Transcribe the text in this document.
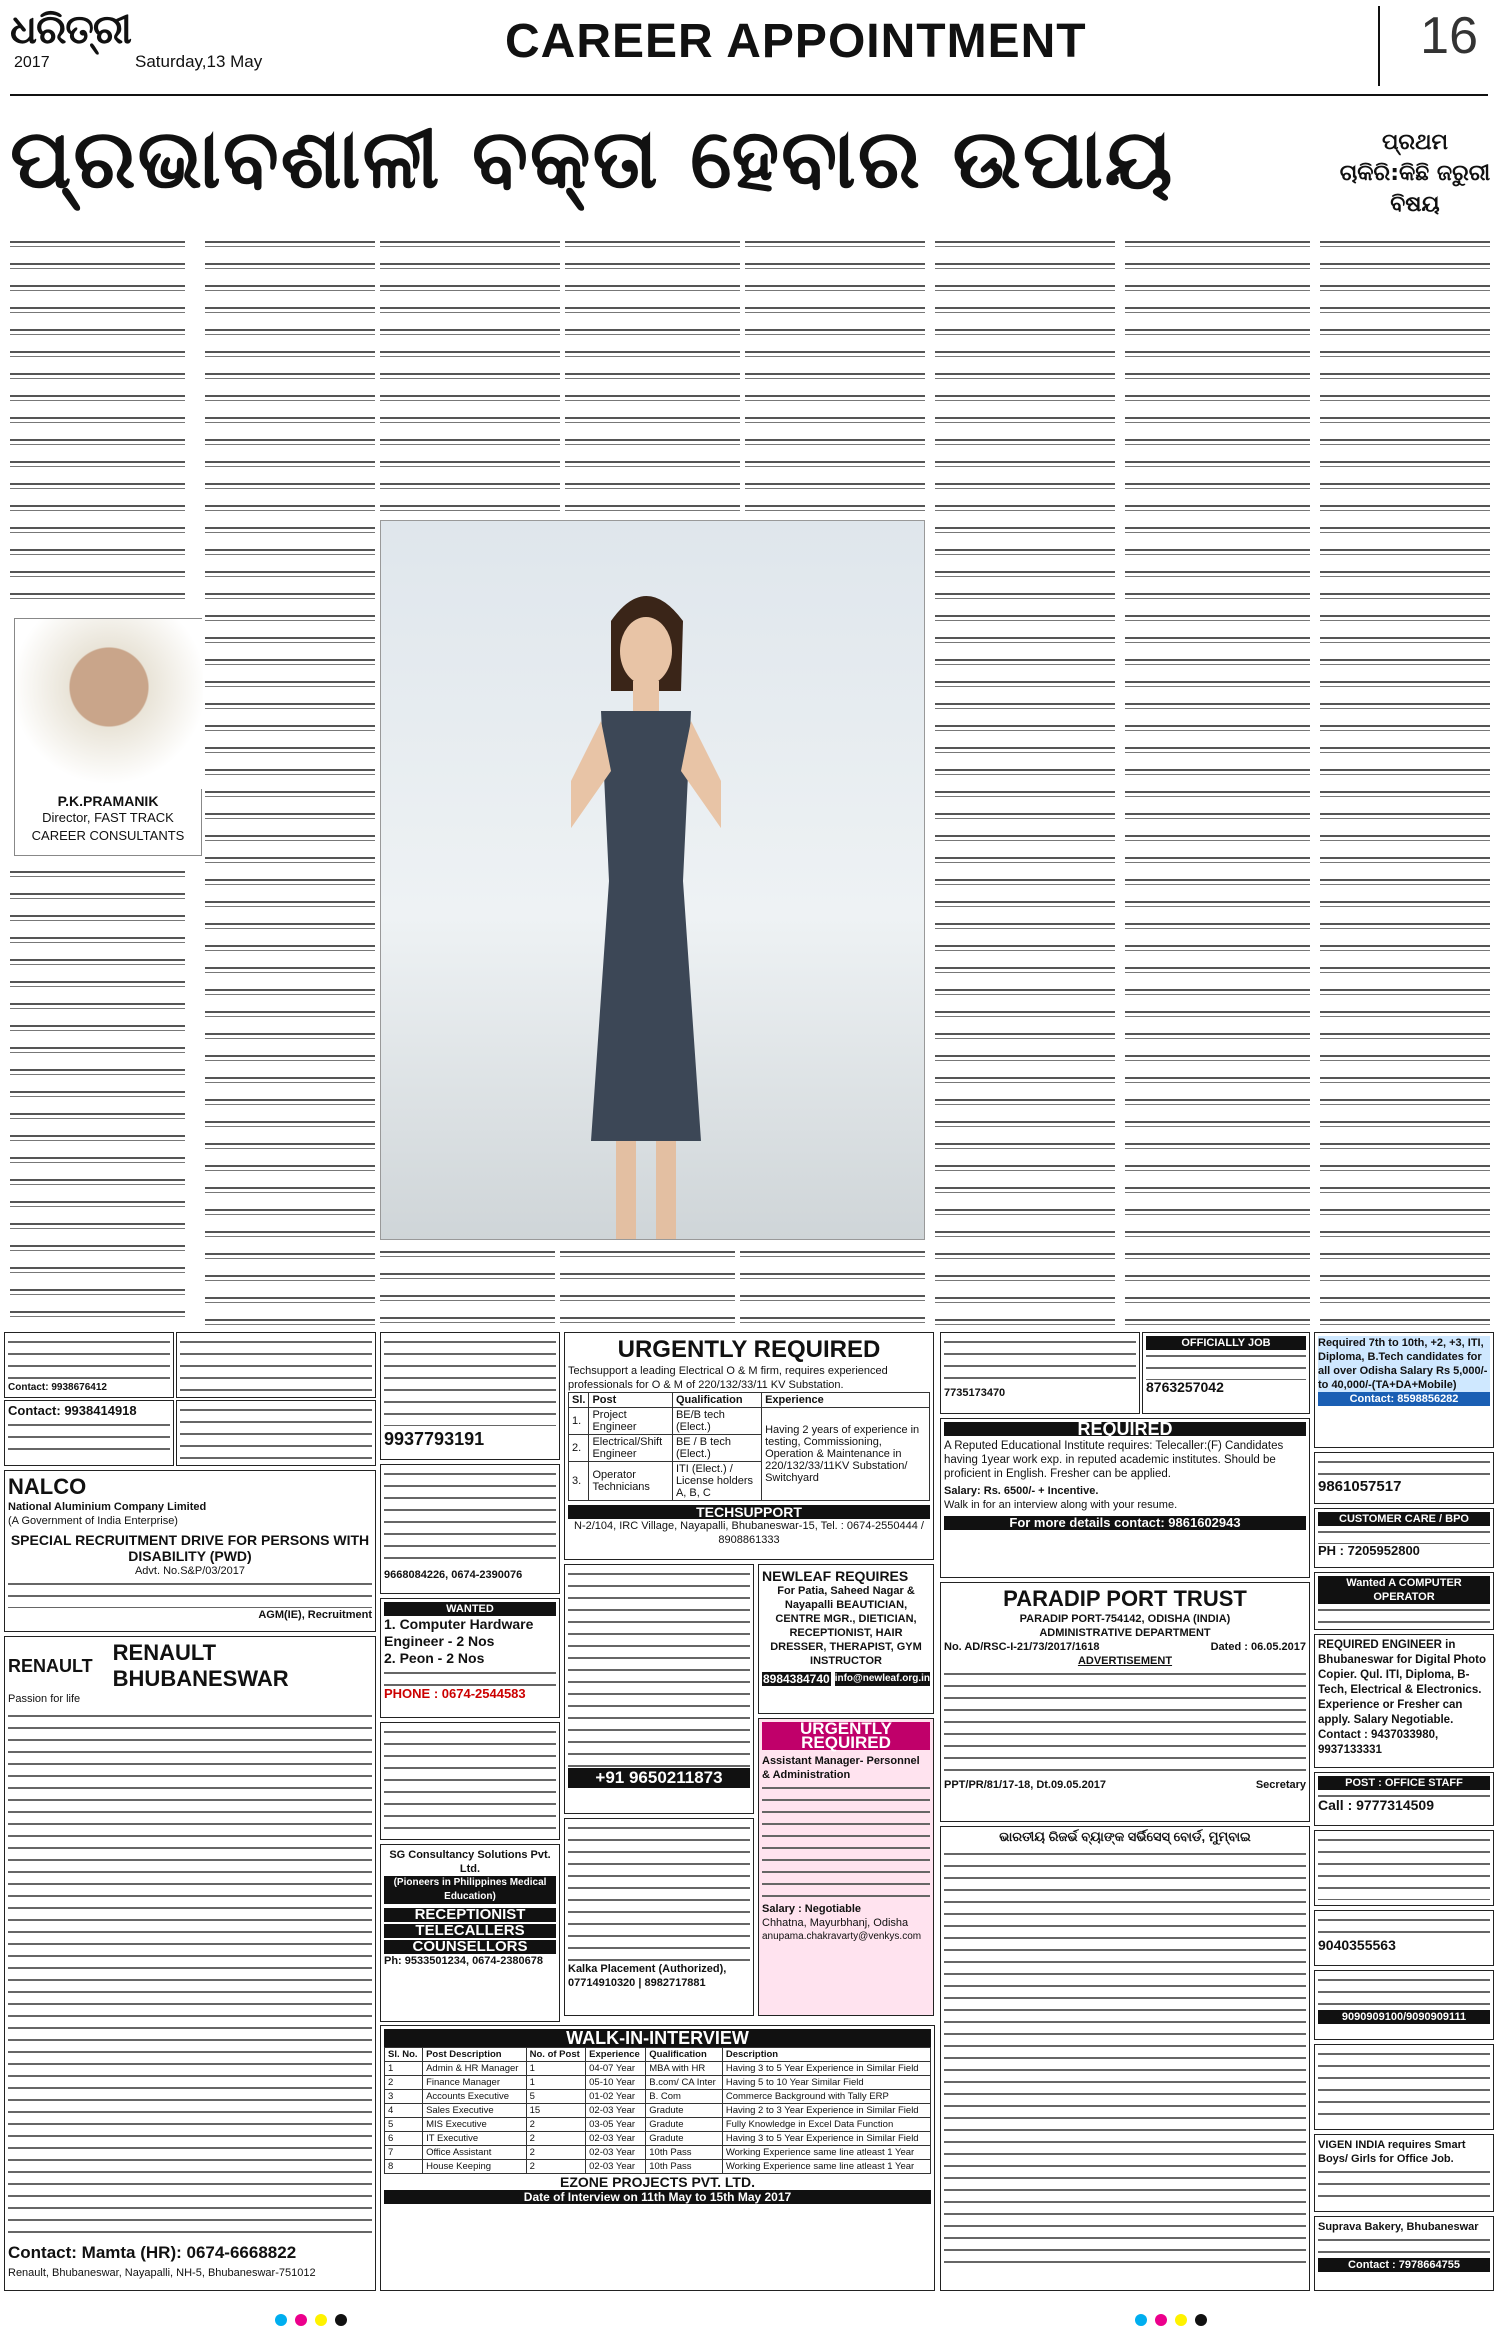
ଧରିତ୍ରୀ
2017	Saturday,13 May	CAREER APPOINTMENT	16
ପ୍ରଭାବଶାଳୀ ବକ୍ତା ହେବାର ଉପାୟ	ପ୍ରଥମ ଚାକିରି:କିଛି ଜରୁରୀ ବିଷୟ
P.K.PRAMANIK
Director, FAST TRACK
CAREER CONSULTANTS
Contact: 9938676412
Contact: 9938414918
NALCO
National Aluminium Company Limited
(A Government of India Enterprise)
SPECIAL RECRUITMENT DRIVE FOR PERSONS WITH DISABILITY (PWD)
Advt. No.S&P/03/2017
AGM(IE), Recruitment
RENAULT
RENAULT BHUBANESWAR
Passion for life
Contact: Mamta (HR): 0674-6668822
Renault, Bhubaneswar, Nayapalli, NH-5, Bhubaneswar-751012
9937793191
9668084226, 0674-2390076
WANTED
1. Computer Hardware Engineer - 2 Nos
2. Peon - 2 Nos
PHONE : 0674-2544583
SG Consultancy Solutions Pvt. Ltd.
(Pioneers in Philippines Medical Education)
RECEPTIONIST
TELECALLERS
COUNSELLORS
Ph: 9533501234, 0674-2380678
URGENTLY REQUIRED
Techsupport a leading Electrical O & M firm, requires experienced professionals for O & M of 220/132/33/11 KV Substation.
Sl.	Post	Qualification	Experience
1.	Project Engineer	BE/B tech (Elect.)	Having 2 years of experience in testing, Commissioning, Operation & Maintenance in 220/132/33/11KV Substation/ Switchyard
2.	Electrical/Shift Engineer	BE / B tech (Elect.)	
3.	Operator Technicians	ITI (Elect.) / License holders A, B, C	
TECHSUPPORT
N-2/104, IRC Village, Nayapalli, Bhubaneswar-15, Tel. : 0674-2550444 / 8908861333
+91 9650211873
NEWLEAF REQUIRES
For Patia, Saheed Nagar & Nayapalli BEAUTICIAN, CENTRE MGR., DIETICIAN, RECEPTIONIST, HAIR DRESSER, THERAPIST, GYM INSTRUCTOR
8984384740 info@newleaf.org.in
Kalka Placement (Authorized), 07714910320 | 8982717881
URGENTLY REQUIRED
Assistant Manager- Personnel & Administration
Salary : Negotiable
Chhatna, Mayurbhanj, Odisha
anupama.chakravarty@venkys.com
WALK-IN-INTERVIEW
Sl. No.	Post Description	No. of Post	Experience	Qualification	Description
1	Admin & HR Manager	1	04-07 Year	MBA with HR	Having 3 to 5 Year Experience in Similar Field
2	Finance Manager	1	05-10 Year	B.com/ CA Inter	Having 5 to 10 Year Similar Field
3	Accounts Executive	5	01-02 Year	B. Com	Commerce Background with Tally ERP
4	Sales Executive	15	02-03 Year	Gradute	Having 2 to 3 Year Experience in Similar Field
5	MIS Executive	2	03-05 Year	Gradute	Fully Knowledge in Excel Data Function
6	IT Executive	2	02-03 Year	Gradute	Having 3 to 5 Year Experience in Similar Field
7	Office Assistant	2	02-03 Year	10th Pass	Working Experience same line atleast 1 Year
8	House Keeping	2	02-03 Year	10th Pass	Working Experience same line atleast 1 Year
EZONE PROJECTS PVT. LTD.
Date of Interview on 11th May to 15th May 2017
7735173470
OFFICIALLY JOB
8763257042
REQUIRED
A Reputed Educational Institute requires: Telecaller:(F) Candidates having 1year work exp. in reputed academic institutes. Should be proficient in English. Fresher can be applied.
Salary: Rs. 6500/- + Incentive.
Walk in for an interview along with your resume.
For more details contact: 9861602943
PARADIP PORT TRUST
PARADIP PORT-754142, ODISHA (INDIA)
ADMINISTRATIVE DEPARTMENT
No. AD/RSC-I-21/73/2017/1618	Dated : 06.05.2017
ADVERTISEMENT
PPT/PR/81/17-18, Dt.09.05.2017	Secretary
ଭାରତୀୟ ରିଜର୍ଭ ବ୍ୟାଙ୍କ ସର୍ଭିସେସ୍ ବୋର୍ଡ, ମୁମ୍ବାଇ
Required 7th to 10th, +2, +3, ITI, Diploma, B.Tech candidates for all over Odisha Salary Rs 5,000/- to 40,000/-(TA+DA+Mobile)
Contact: 8598856282
9861057517
CUSTOMER CARE / BPO
PH : 7205952800
Wanted A COMPUTER OPERATOR
REQUIRED ENGINEER in Bhubaneswar for Digital Photo Copier. Qul. ITI, Diploma, B-Tech, Electrical & Electronics. Experience or Fresher can apply. Salary Negotiable. Contact : 9437033980, 9937133331
POST : OFFICE STAFF
Call : 9777314509
9040355563
9090909100/9090909111
VIGEN INDIA requires Smart Boys/ Girls for Office Job.
Suprava Bakery, Bhubaneswar
Contact : 7978664755
